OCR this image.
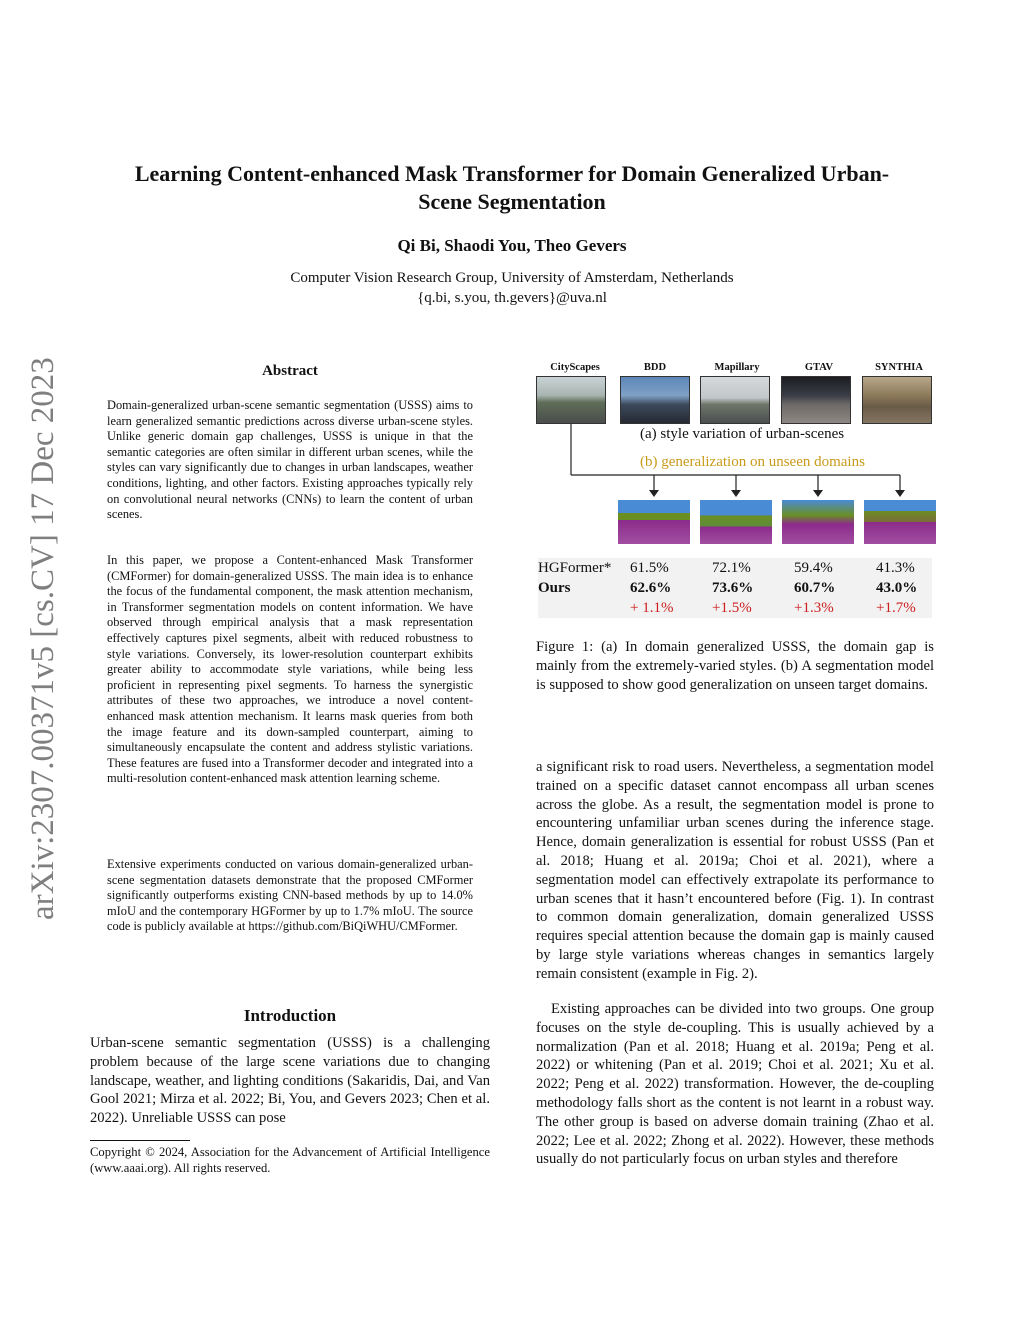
arXiv:2307.00371v5 [cs.CV] 17 Dec 2023
Learning Content-enhanced Mask Transformer for Domain Generalized Urban-Scene Segmentation
Qi Bi, Shaodi You, Theo Gevers
Computer Vision Research Group, University of Amsterdam, Netherlands
{q.bi, s.you, th.gevers}@uva.nl
Abstract

Domain-generalized urban-scene semantic segmentation (USSS) aims to learn generalized semantic predictions across diverse urban-scene styles. Unlike generic domain gap challenges, USSS is unique in that the semantic categories are often similar in different urban scenes, while the styles can vary significantly due to changes in urban landscapes, weather conditions, lighting, and other factors. Existing approaches typically rely on convolutional neural networks (CNNs) to learn the content of urban scenes.

In this paper, we propose a Content-enhanced Mask Transformer (CMFormer) for domain-generalized USSS. The main idea is to enhance the focus of the fundamental component, the mask attention mechanism, in Transformer segmentation models on content information. We have observed through empirical analysis that a mask representation effectively captures pixel segments, albeit with reduced robustness to style variations. Conversely, its lower-resolution counterpart exhibits greater ability to accommodate style variations, while being less proficient in representing pixel segments. To harness the synergistic attributes of these two approaches, we introduce a novel content-enhanced mask attention mechanism. It learns mask queries from both the image feature and its down-sampled counterpart, aiming to simultaneously encapsulate the content and address stylistic variations. These features are fused into a Transformer decoder and integrated into a multi-resolution content-enhanced mask attention learning scheme.

Extensive experiments conducted on various domain-generalized urban-scene segmentation datasets demonstrate that the proposed CMFormer significantly outperforms existing CNN-based methods by up to 14.0% mIoU and the contemporary HGFormer by up to 1.7% mIoU. The source code is publicly available at https://github.com/BiQiWHU/CMFormer.

Introduction

Urban-scene semantic segmentation (USSS) is a challenging problem because of the large scene variations due to changing landscape, weather, and lighting conditions (Sakaridis, Dai, and Van Gool 2021; Mirza et al. 2022; Bi, You, and Gevers 2023; Chen et al. 2022). Unreliable USSS can pose

Copyright © 2024, Association for the Advancement of Artificial Intelligence (www.aaai.org). All rights reserved.
CityScapes	BDD	Mapillary	GTAV	SYNTHIA
(a) style variation of urban-scenes
(b) generalization on unseen domains
HGFormer*	61.5%	72.1%	59.4%	41.3%
Ours	62.6%	73.6%	60.7%	43.0%
	+ 1.1%	+1.5%	+1.3%	+1.7%
Figure 1: (a) In domain generalized USSS, the domain gap is mainly from the extremely-varied styles. (b) A segmentation model is supposed to show good generalization on unseen target domains.

a significant risk to road users. Nevertheless, a segmentation model trained on a specific dataset cannot encompass all urban scenes across the globe. As a result, the segmentation model is prone to encountering unfamiliar urban scenes during the inference stage. Hence, domain generalization is essential for robust USSS (Pan et al. 2018; Huang et al. 2019a; Choi et al. 2021), where a segmentation model can effectively extrapolate its performance to urban scenes that it hasn’t encountered before (Fig. 1). In contrast to common domain generalization, domain generalized USSS requires special attention because the domain gap is mainly caused by large style variations whereas changes in semantics largely remain consistent (example in Fig. 2).

Existing approaches can be divided into two groups. One group focuses on the style de-coupling. This is usually achieved by a normalization (Pan et al. 2018; Huang et al. 2019a; Peng et al. 2022) or whitening (Pan et al. 2019; Choi et al. 2021; Xu et al. 2022; Peng et al. 2022) transformation. However, the de-coupling methodology falls short as the content is not learnt in a robust way. The other group is based on adverse domain training (Zhao et al. 2022; Lee et al. 2022; Zhong et al. 2022). However, these methods usually do not particularly focus on urban styles and therefore
